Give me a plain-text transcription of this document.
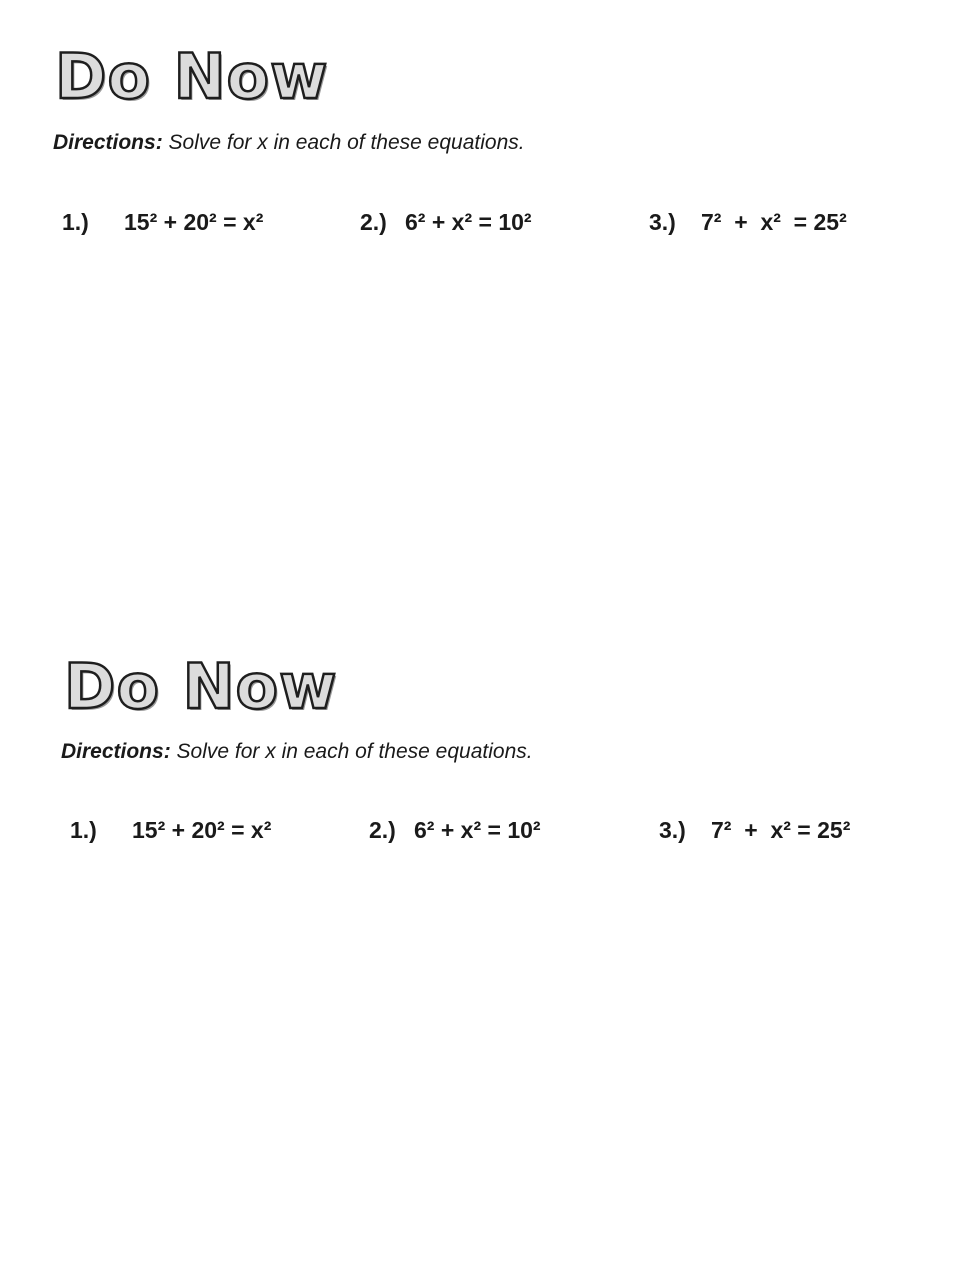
Do Now

Directions: Solve for x in each of these equations.

1.) 15² + 20² = x²	2.) 6² + x² = 10²	3.) 7²  +  x²  = 25²
Do Now

Directions: Solve for x in each of these equations.

1.) 15² + 20² = x²	2.) 6² + x² = 10²	3.) 7²  +  x² = 25²
